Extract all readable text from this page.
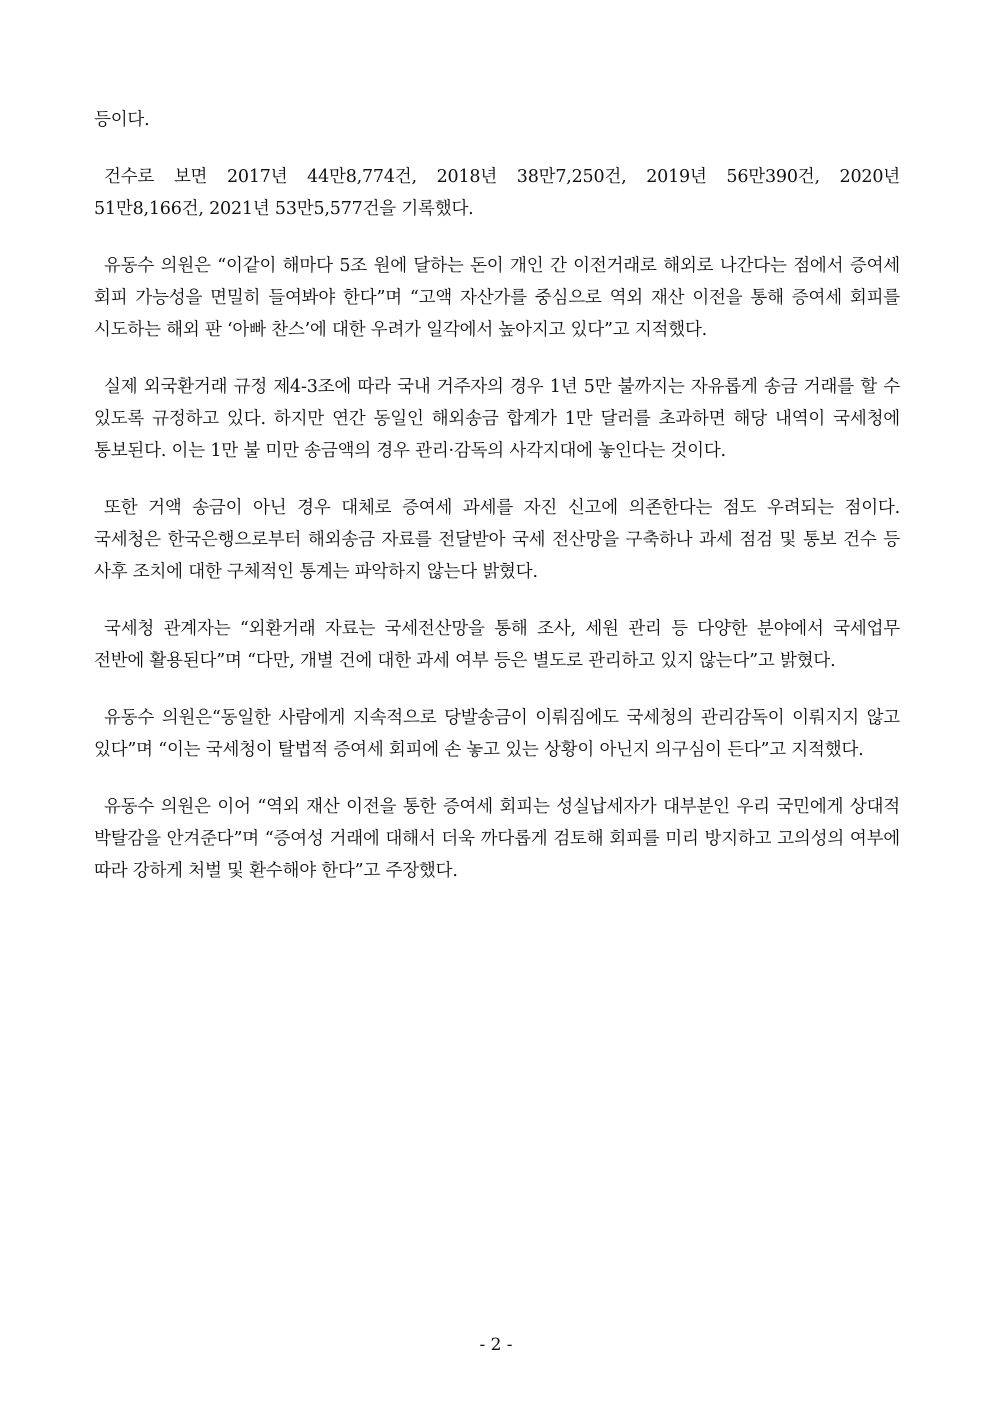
등이다.

건수로 보면 2017년 44만8,774건, 2018년 38만7,250건, 2019년 56만390건, 2020년 51만8,166건, 2021년 53만5,577건을 기록했다.

유동수 의원은 “이같이 해마다 5조 원에 달하는 돈이 개인 간 이전거래로 해외로 나간다는 점에서 증여세 회피 가능성을 면밀히 들여봐야 한다”며 “고액 자산가를 중심으로 역외 재산 이전을 통해 증여세 회피를 시도하는 해외 판 ‘아빠 찬스’에 대한 우려가 일각에서 높아지고 있다”고 지적했다.

실제 외국환거래 규정 제4-3조에 따라 국내 거주자의 경우 1년 5만 불까지는 자유롭게 송금 거래를 할 수 있도록 규정하고 있다. 하지만 연간 동일인 해외송금 합계가 1만 달러를 초과하면 해당 내역이 국세청에 통보된다. 이는 1만 불 미만 송금액의 경우 관리·감독의 사각지대에 놓인다는 것이다.

또한 거액 송금이 아닌 경우 대체로 증여세 과세를 자진 신고에 의존한다는 점도 우려되는 점이다. 국세청은 한국은행으로부터 해외송금 자료를 전달받아 국세 전산망을 구축하나 과세 점검 및 통보 건수 등 사후 조치에 대한 구체적인 통계는 파악하지 않는다 밝혔다.

국세청 관계자는 “외환거래 자료는 국세전산망을 통해 조사, 세원 관리 등 다양한 분야에서 국세업무 전반에 활용된다”며 “다만, 개별 건에 대한 과세 여부 등은 별도로 관리하고 있지 않는다”고 밝혔다.

유동수 의원은“동일한 사람에게 지속적으로 당발송금이 이뤄짐에도 국세청의 관리감독이 이뤄지지 않고 있다”며 “이는 국세청이 탈법적 증여세 회피에 손 놓고 있는 상황이 아닌지 의구심이 든다”고 지적했다.

유동수 의원은 이어 “역외 재산 이전을 통한 증여세 회피는 성실납세자가 대부분인 우리 국민에게 상대적 박탈감을 안겨준다”며 “증여성 거래에 대해서 더욱 까다롭게 검토해 회피를 미리 방지하고 고의성의 여부에 따라 강하게 처벌 및 환수해야 한다”고 주장했다.

- 2 -
